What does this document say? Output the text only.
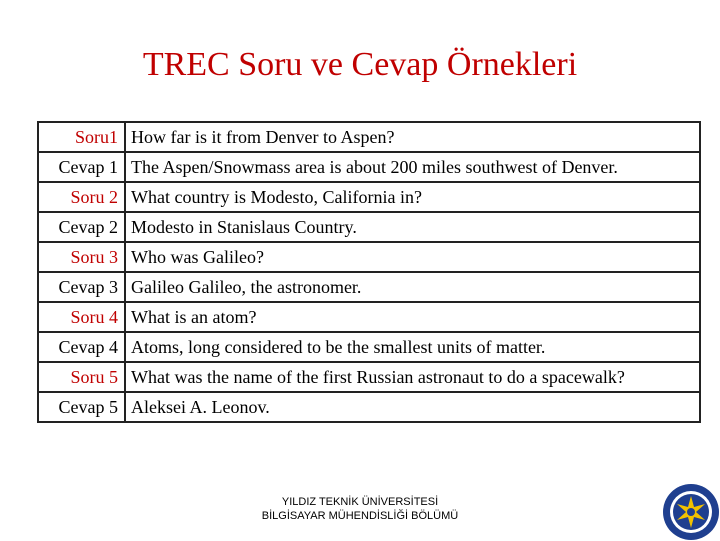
TREC Soru ve Cevap Örnekleri
Soru1	How far is it from Denver to Aspen?
Cevap 1	The Aspen/Snowmass area is about 200 miles southwest of Denver.
Soru 2	What country is Modesto, California in?
Cevap 2	Modesto in Stanislaus Country.
Soru 3	Who was Galileo?
Cevap 3	Galileo Galileo, the astronomer.
Soru 4	What is an atom?
Cevap 4	Atoms, long considered to be the smallest units of matter.
Soru 5	What was the name of the first Russian astronaut to do a spacewalk?
Cevap 5	Aleksei A. Leonov.
YILDIZ TEKNİK ÜNİVERSİTESİ
BİLGİSAYAR MÜHENDİSLİĞİ BÖLÜMÜ
